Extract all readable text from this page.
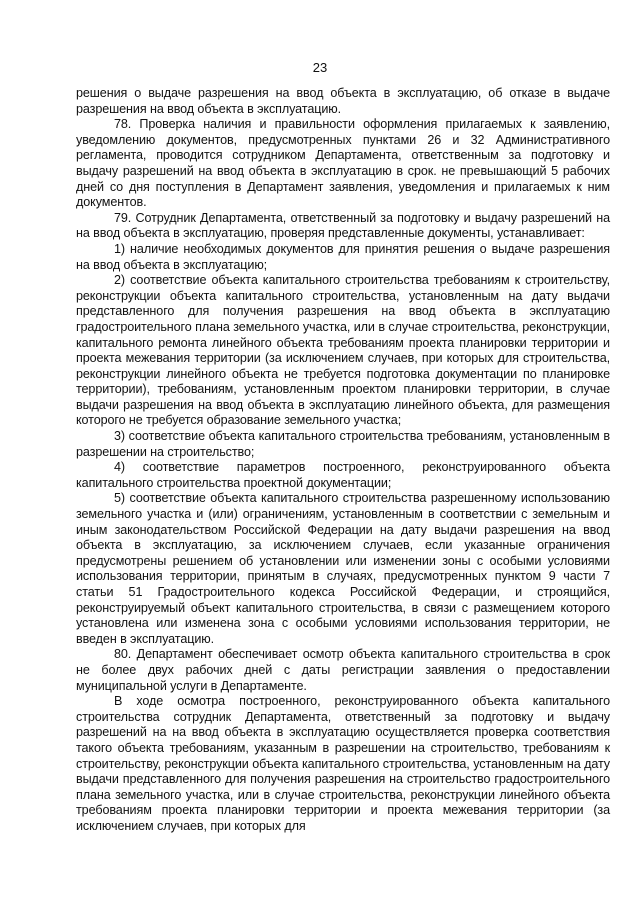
23

решения о выдаче разрешения на ввод объекта в эксплуатацию, об отказе в выдаче разрешения на ввод объекта в эксплуатацию.

78. Проверка наличия и правильности оформления прилагаемых к заявлению, уведомлению документов, предусмотренных пунктами 26 и 32 Административного регламента, проводится сотрудником Департамента, ответственным за подготовку и выдачу разрешений на ввод объекта в эксплуатацию в срок. не превышающий 5 рабочих дней со дня поступления в Департамент заявления, уведомления и прилагаемых к ним документов.

79. Сотрудник Департамента, ответственный за подготовку и выдачу разрешений на на ввод объекта в эксплуатацию, проверяя представленные документы, устанавливает:

1) наличие необходимых документов для принятия решения о выдаче разрешения на ввод объекта в эксплуатацию;

2) соответствие объекта капитального строительства требованиям к строительству, реконструкции объекта капитального строительства, установленным на дату выдачи представленного для получения разрешения на ввод объекта в эксплуатацию градостроительного плана земельного участка, или в случае строительства, реконструкции, капитального ремонта линейного объекта требованиям проекта планировки территории и проекта межевания территории (за исключением случаев, при которых для строительства, реконструкции линейного объекта не требуется подготовка документации по планировке территории), требованиям, установленным проектом планировки территории, в случае выдачи разрешения на ввод объекта в эксплуатацию линейного объекта, для размещения которого не требуется образование земельного участка;

3) соответствие объекта капитального строительства требованиям, установленным в разрешении на строительство;

4) соответствие параметров построенного, реконструированного объекта капитального строительства проектной документации;

5) соответствие объекта капитального строительства разрешенному использованию земельного участка и (или) ограничениям, установленным в соответствии с земельным и иным законодательством Российской Федерации на дату выдачи разрешения на ввод объекта в эксплуатацию, за исключением случаев, если указанные ограничения предусмотрены решением об установлении или изменении зоны с особыми условиями использования территории, принятым в случаях, предусмотренных пунктом 9 части 7 статьи 51 Градостроительного кодекса Российской Федерации, и строящийся, реконструируемый объект капитального строительства, в связи с размещением которого установлена или изменена зона с особыми условиями использования территории, не введен в эксплуатацию.

80. Департамент обеспечивает осмотр объекта капитального строительства в срок не более двух рабочих дней с даты регистрации заявления о предоставлении муниципальной услуги в Департаменте.

В ходе осмотра построенного, реконструированного объекта капитального строительства сотрудник Департамента, ответственный за подготовку и выдачу разрешений на на ввод объекта в эксплуатацию осуществляется проверка соответствия такого объекта требованиям, указанным в разрешении на строительство, требованиям к строительству, реконструкции объекта капитального строительства, установленным на дату выдачи представленного для получения разрешения на строительство градостроительного плана земельного участка, или в случае строительства, реконструкции линейного объекта требованиям проекта планировки территории и проекта межевания территории (за исключением случаев, при которых для
